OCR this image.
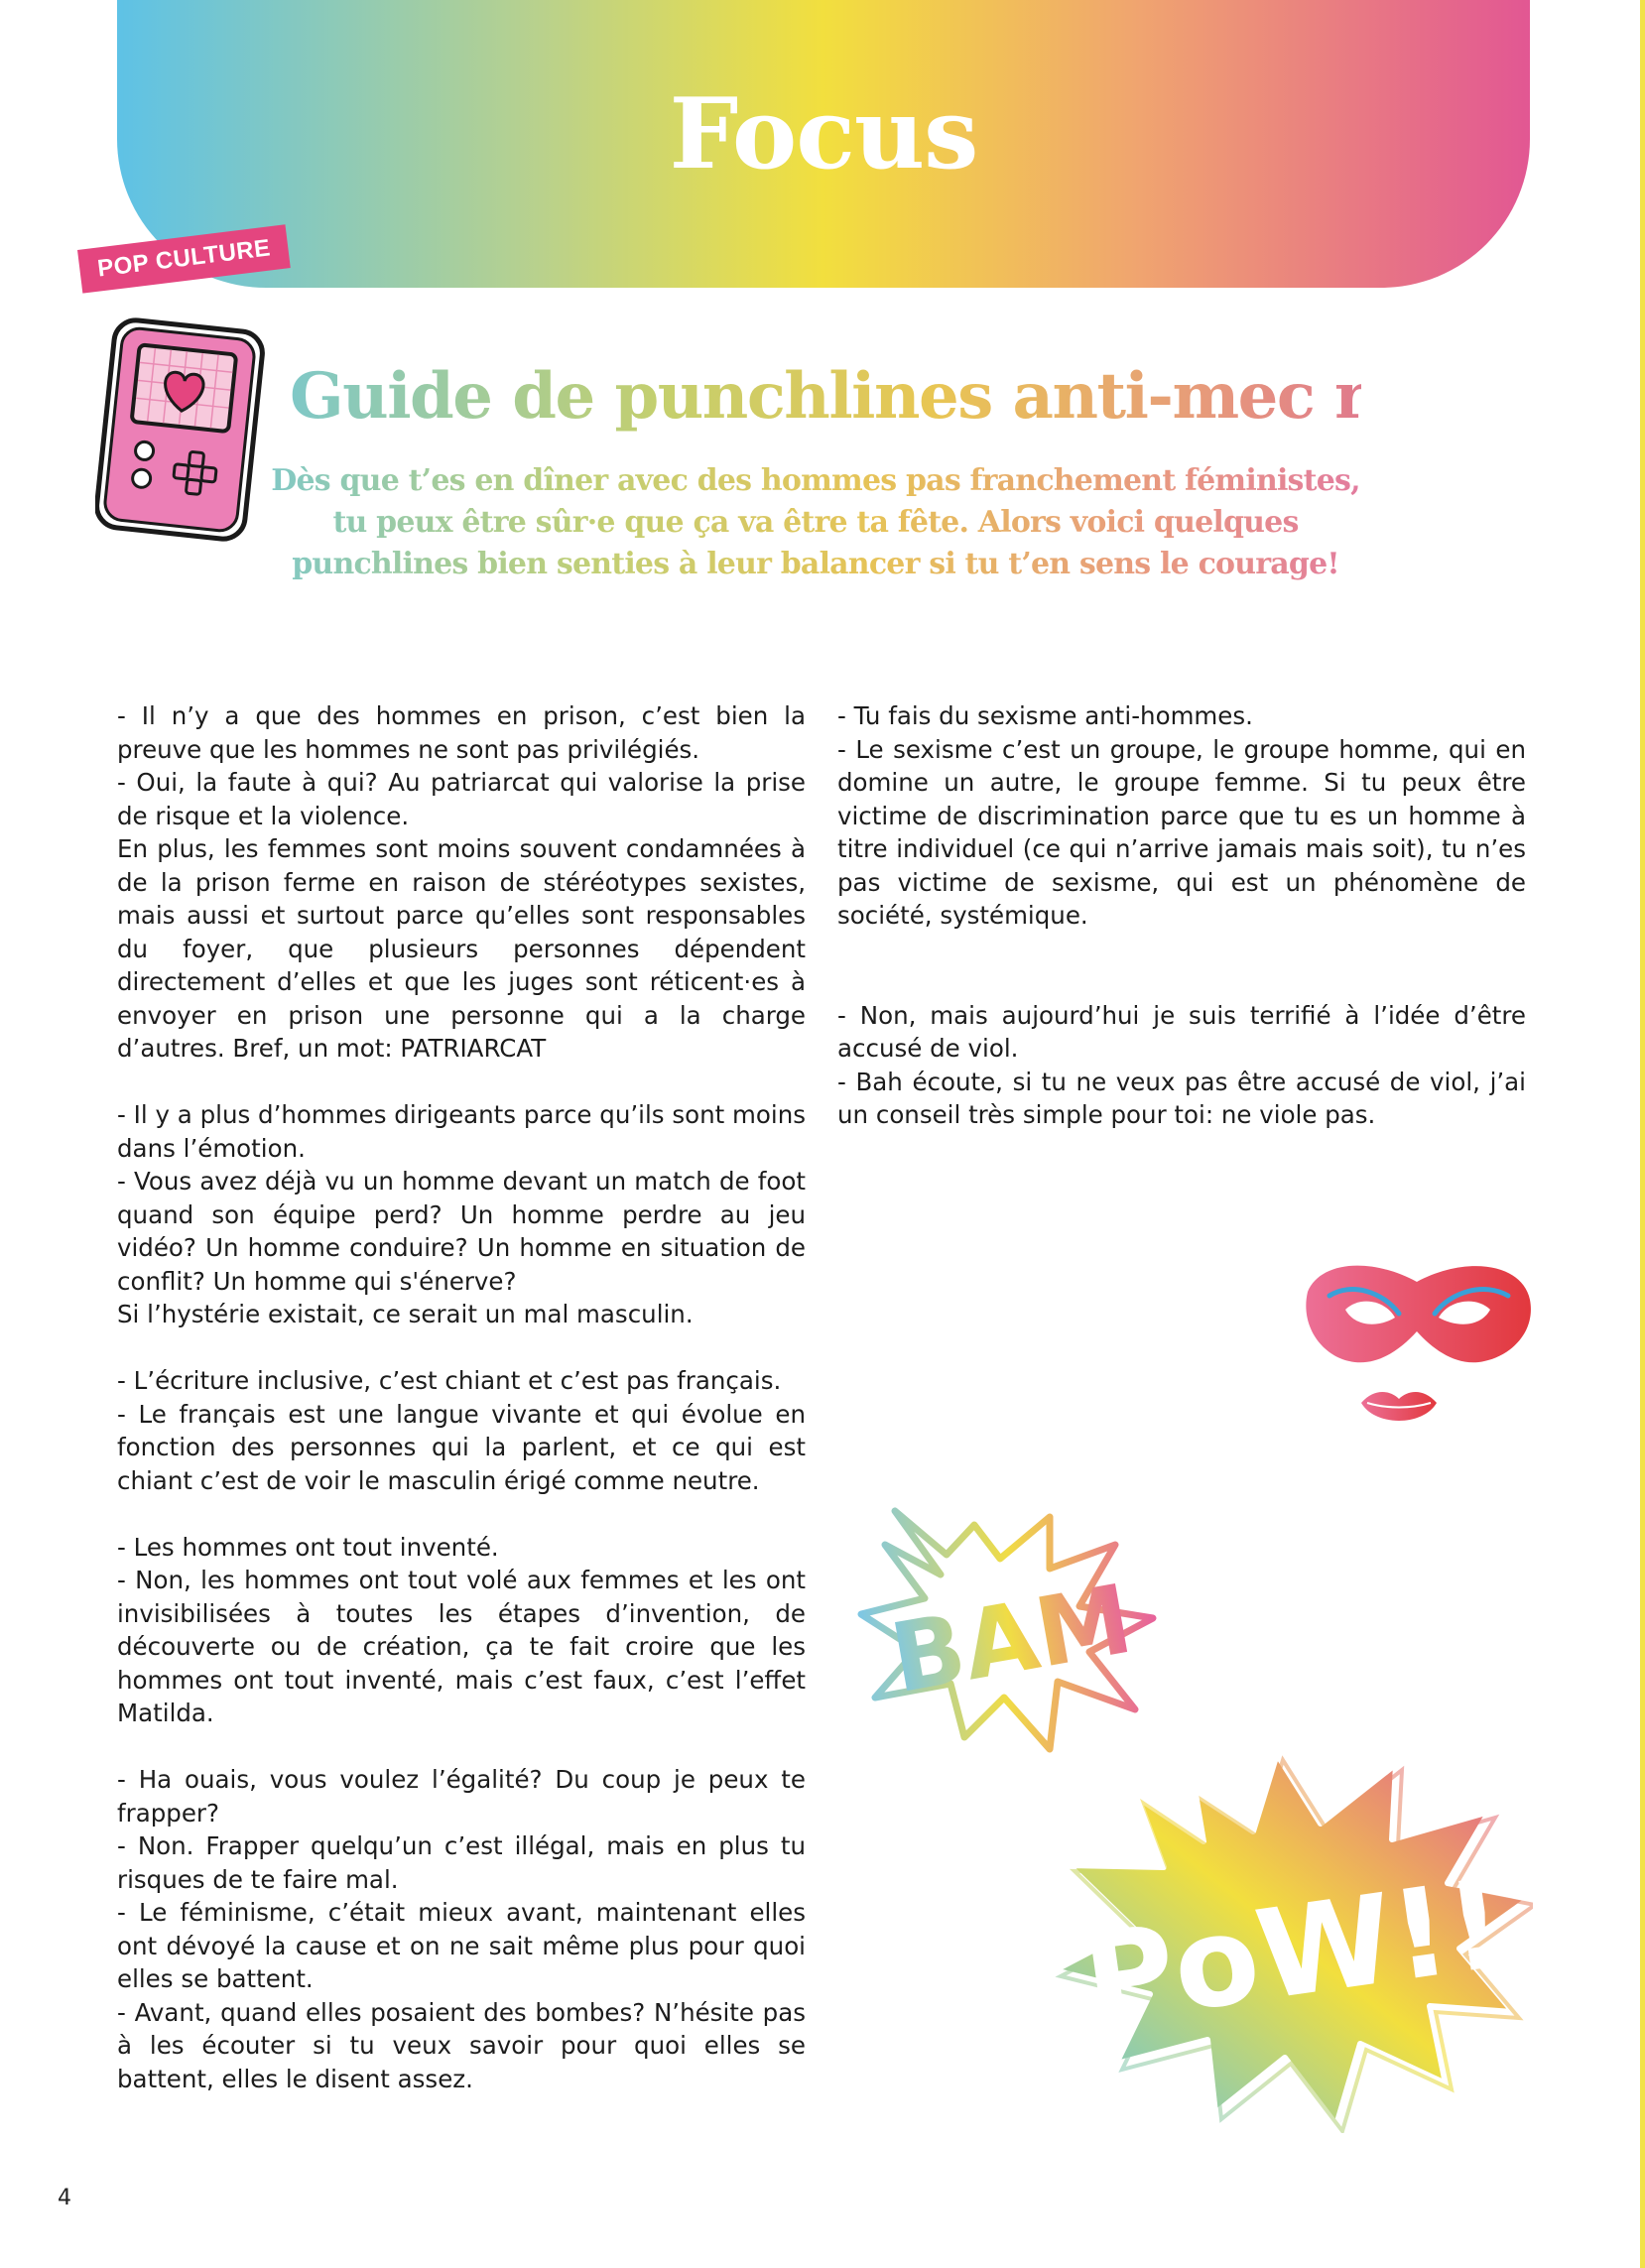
Focus
POP CULTURE
Guide de punchlines anti-mec relou
Dès que t’es en dîner avec des hommes pas franchement féministes,
tu peux être sûr·e que ça va être ta fête. Alors voici quelques
punchlines bien senties à leur balancer si tu t’en sens le courage!

- Il n’y a que des hommes en prison, c’est bien la preuve que les hommes ne sont pas privilégiés.

- Oui, la faute à qui? Au patriarcat qui valorise la prise de risque et la violence.

En plus, les femmes sont moins souvent condamnées à de la prison ferme en raison de stéréotypes sexistes, mais aussi et surtout parce qu’elles sont responsables du foyer, que plusieurs personnes dépendent directement d’elles et que les juges sont réticent·es à envoyer en prison une personne qui a la charge d’autres. Bref, un mot: PATRIARCAT

- Il y a plus d’hommes dirigeants parce qu’ils sont moins dans l’émotion.

- Vous avez déjà vu un homme devant un match de foot quand son équipe perd? Un homme perdre au jeu vidéo? Un homme conduire? Un homme en situation de conflit? Un homme qui s'énerve?

Si l’hystérie existait, ce serait un mal masculin.

- L’écriture inclusive, c’est chiant et c’est pas français.

- Le français est une langue vivante et qui évolue en fonction des personnes qui la parlent, et ce qui est chiant c’est de voir le masculin érigé comme neutre.

- Les hommes ont tout inventé.

- Non, les hommes ont tout volé aux femmes et les ont invisibilisées à toutes les étapes d’invention, de découverte ou de création, ça te fait croire que les hommes ont tout inventé, mais c’est faux, c’est l’effet Matilda.

- Ha ouais, vous voulez l’égalité? Du coup je peux te frapper?

- Non. Frapper quelqu’un c’est illégal, mais en plus tu risques de te faire mal.

- Le féminisme, c’était mieux avant, maintenant elles ont dévoyé la cause et on ne sait même plus pour quoi elles se battent.

- Avant, quand elles posaient des bombes? N’hésite pas à les écouter si tu veux savoir pour quoi elles se battent, elles le disent assez.

- Tu fais du sexisme anti-hommes.

- Le sexisme c’est un groupe, le groupe homme, qui en domine un autre, le groupe femme. Si tu peux être victime de discrimination parce que tu es un homme à titre individuel (ce qui n’arrive jamais mais soit), tu n’es pas victime de sexisme, qui est un phénomène de société, systémique.

- Non, mais aujourd’hui je suis terrifié à l’idée d’être accusé de viol.

- Bah écoute, si tu ne veux pas être accusé de viol, j’ai un conseil très simple pour toi: ne viole pas.

BAM
PoW!!
4
